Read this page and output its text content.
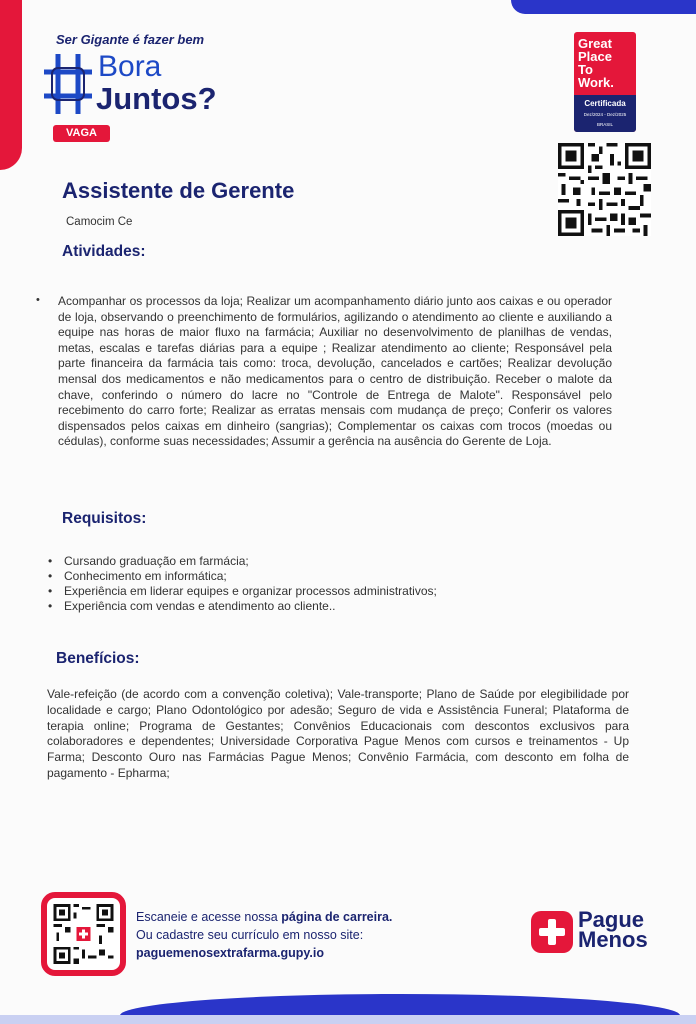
Ser Gigante é fazer bem
Bora
Juntos?
VAGA
Great
Place
To
Work.
Certificada
Dez/2024 - Dez/2025
BRASIL
Assistente de Gerente
Camocim Ce
Atividades:
• Acompanhar os processos da loja; Realizar um acompanhamento diário junto aos caixas e ou operador de loja, observando o preenchimento de formulários, agilizando o atendimento ao cliente e auxiliando a equipe nas horas de maior fluxo na farmácia; Auxiliar no desenvolvimento de planilhas de vendas, metas, escalas e tarefas diárias para a equipe ; Realizar atendimento ao cliente; Responsável pela parte financeira da farmácia tais como: troca, devolução, cancelados e cartões; Realizar devolução mensal dos medicamentos e não medicamentos para o centro de distribuição. Receber o malote da chave, conferindo o número do lacre no "Controle de Entrega de Malote". Responsável pelo recebimento do carro forte; Realizar as erratas mensais com mudança de preço; Conferir os valores dispensados pelos caixas em dinheiro (sangrias); Complementar os caixas com trocos (moedas ou cédulas), conforme suas necessidades; Assumir a gerência na ausência do Gerente de Loja.

Requisitos:
• Cursando graduação em farmácia;
• Conhecimento em informática;
• Experiência em liderar equipes e organizar processos administrativos;
• Experiência com vendas e atendimento ao cliente..
Benefícios:
Vale-refeição (de acordo com a convenção coletiva); Vale-transporte; Plano de Saúde por elegibilidade por localidade e cargo; Plano Odontológico por adesão; Seguro de vida e Assistência Funeral; Plataforma de terapia online; Programa de Gestantes; Convênios Educacionais com descontos exclusivos para colaboradores e dependentes; Universidade Corporativa Pague Menos com cursos e treinamentos - Up Farma; Desconto Ouro nas Farmácias Pague Menos; Convênio Farmácia, com desconto em folha de pagamento - Epharma;
Escaneie e acesse nossa página de carreira.
Ou cadastre seu currículo em nosso site:
paguemenosextrafarma.gupy.io
Pague
Menos
